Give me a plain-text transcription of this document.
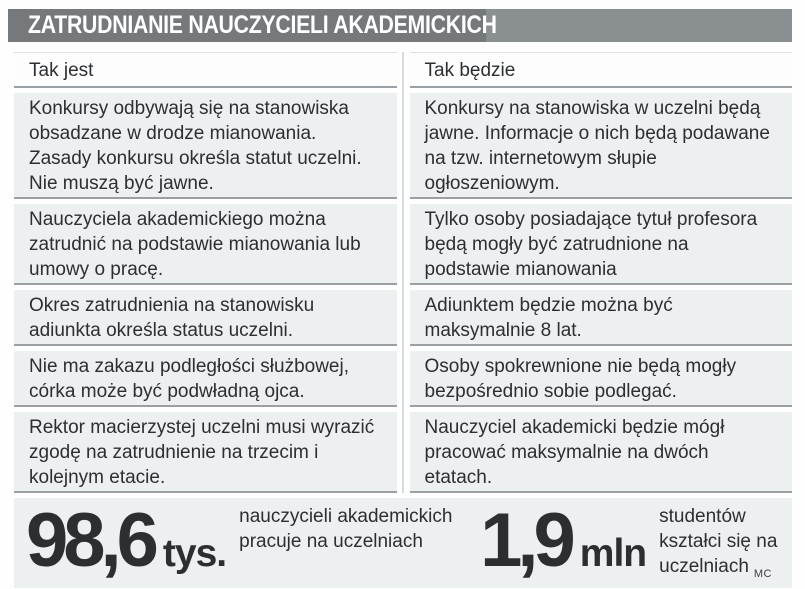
ZATRUDNIANIE NAUCZYCIELI AKADEMICKICH
Tak jest	Tak będzie
Konkursy odbywają się na stanowiska obsadzane w drodze mianowania. Zasady konkursu określa statut uczelni. Nie muszą być jawne.
Konkursy na stanowiska w uczelni będą jawne. Informacje o nich będą podawane na tzw. internetowym słupie ogłoszeniowym.
Nauczyciela akademickiego można zatrudnić na podstawie mianowania lub umowy o pracę.
Tylko osoby posiadające tytuł profesora będą mogły być zatrudnione na podstawie mianowania
Okres zatrudnienia na stanowisku adiunkta określa status uczelni.
Adiunktem będzie można być maksymalnie 8 lat.
Nie ma zakazu podległości służbowej, córka może być podwładną ojca.
Osoby spokrewnione nie będą mogły bezpośrednio sobie podlegać.
Rektor macierzystej uczelni musi wyrazić zgodę na zatrudnienie na trzecim i kolejnym etacie.
Nauczyciel akademicki będzie mógł pracować maksymalnie na dwóch etatach.
98,6 tys.
nauczycieli akademickich pracuje na uczelniach 1,9 mln
studentów kształci się na uczelniach MC
